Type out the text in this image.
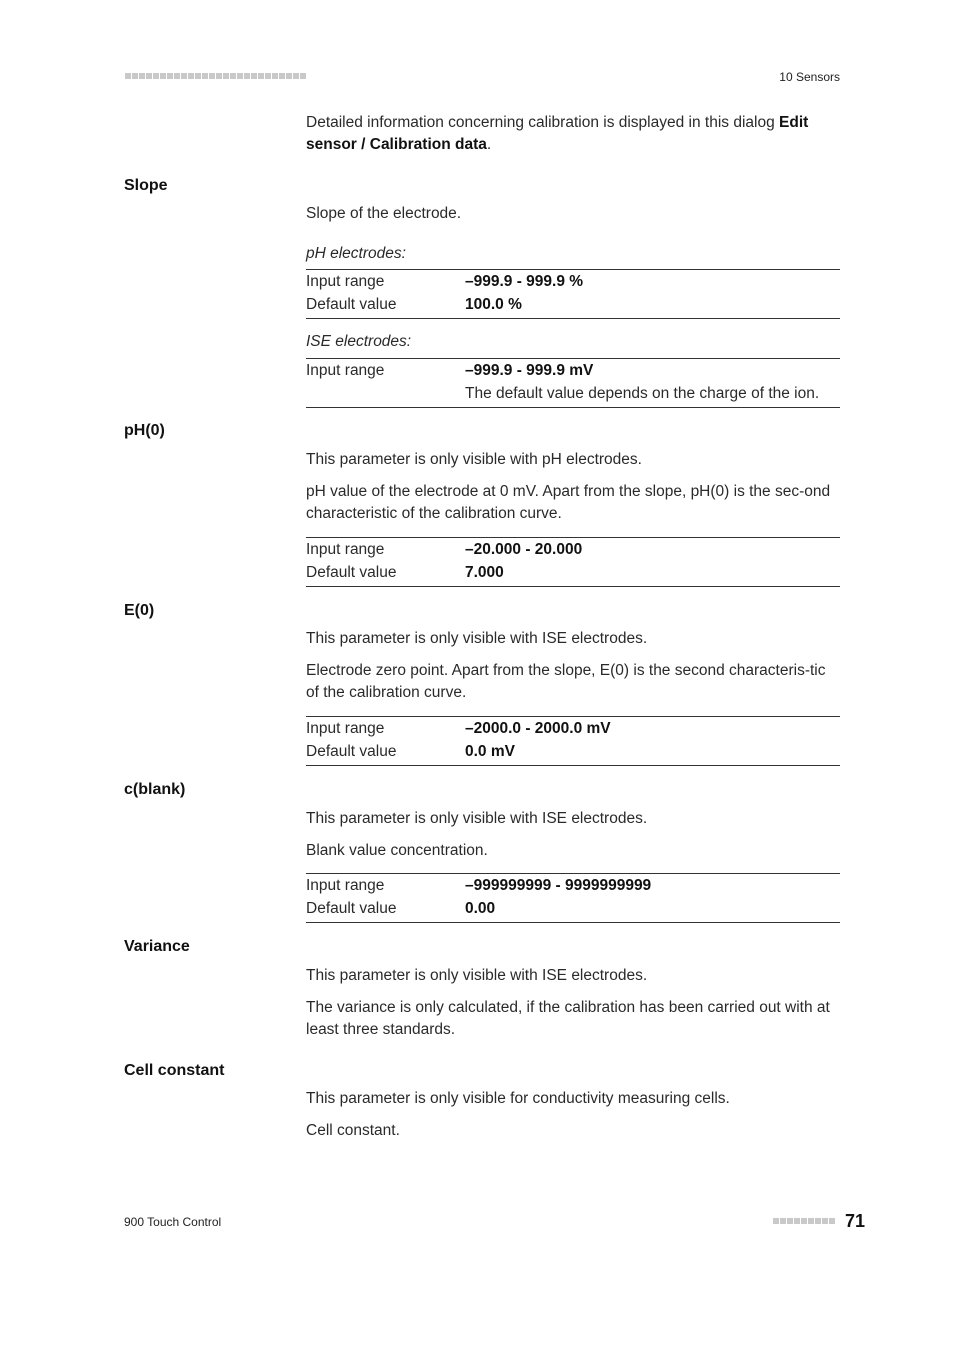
10 Sensors
Detailed information concerning calibration is displayed in this dialog Edit sensor / Calibration data.
Slope
Slope of the electrode.
pH electrodes:
Input range	–999.9 - 999.9 %
Default value	100.0 %
ISE electrodes:
Input range	–999.9 - 999.9 mV
The default value depends on the charge of the ion.
pH(0)
This parameter is only visible with pH electrodes.
pH value of the electrode at 0 mV. Apart from the slope, pH(0) is the sec-ond characteristic of the calibration curve.
Input range	–20.000 - 20.000
Default value	7.000
E(0)
This parameter is only visible with ISE electrodes.
Electrode zero point. Apart from the slope, E(0) is the second characteris-tic of the calibration curve.
Input range	–2000.0 - 2000.0 mV
Default value	0.0 mV
c(blank)
This parameter is only visible with ISE electrodes.
Blank value concentration.
Input range	–999999999 - 9999999999
Default value	0.00
Variance
This parameter is only visible with ISE electrodes.
The variance is only calculated, if the calibration has been carried out with at least three standards.
Cell constant
This parameter is only visible for conductivity measuring cells.
Cell constant.
900 Touch Control	71
